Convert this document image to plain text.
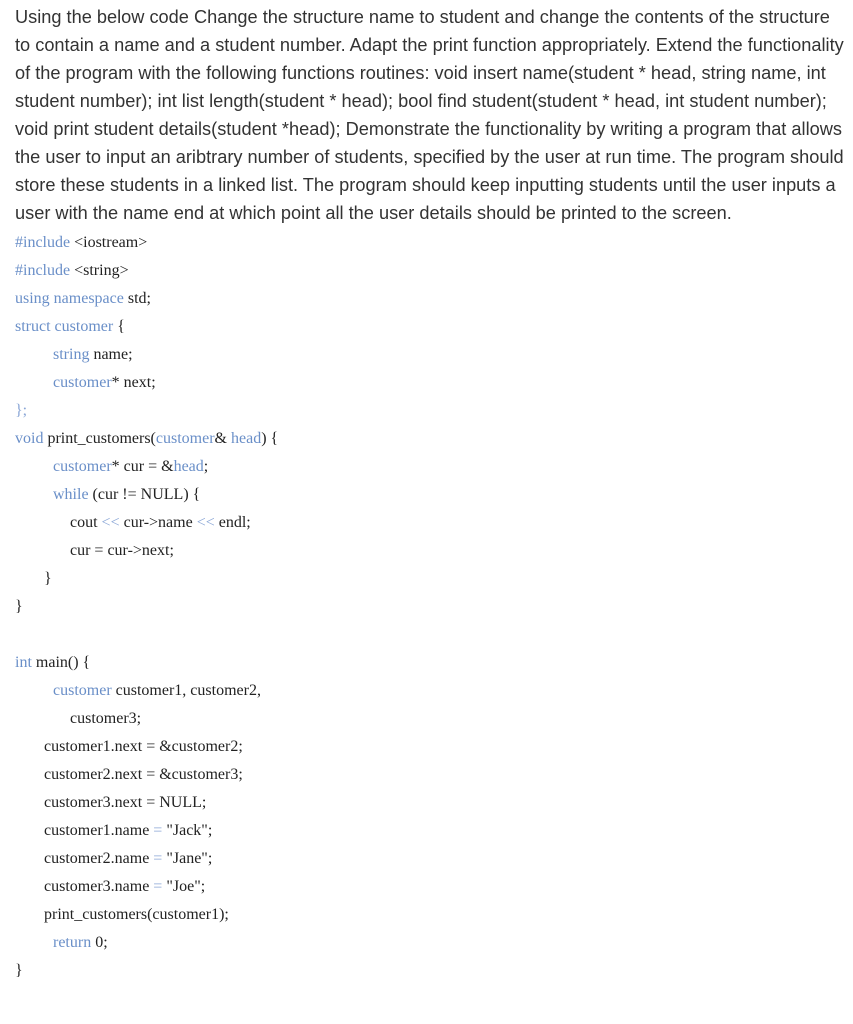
Using the below code Change the structure name to student and change the contents of the structure to contain a name and a student number. Adapt the print function appropriately. Extend the functionality of the program with the following functions routines: void insert name(student * head, string name, int student number); int list length(student * head); bool find student(student * head, int student number); void print student details(student *head); Demonstrate the functionality by writing a program that allows the user to input an aribtrary number of students, specified by the user at run time. The program should store these students in a linked list. The program should keep inputting students until the user inputs a user with the name end at which point all the user details should be printed to the screen.

#include <iostream>
#include <string>
using namespace std;
struct customer {
string name;
customer* next;
};
void print_customers(customer& head) {
customer* cur = &head;
while (cur != NULL) {
cout << cur->name << endl;
cur = cur->next;
}
}
int main() {
customer customer1, customer2,
customer3;
customer1.next = &customer2;
customer2.next = &customer3;
customer3.next = NULL;
customer1.name = "Jack";
customer2.name = "Jane";
customer3.name = "Joe";
print_customers(customer1);
return 0;
}
